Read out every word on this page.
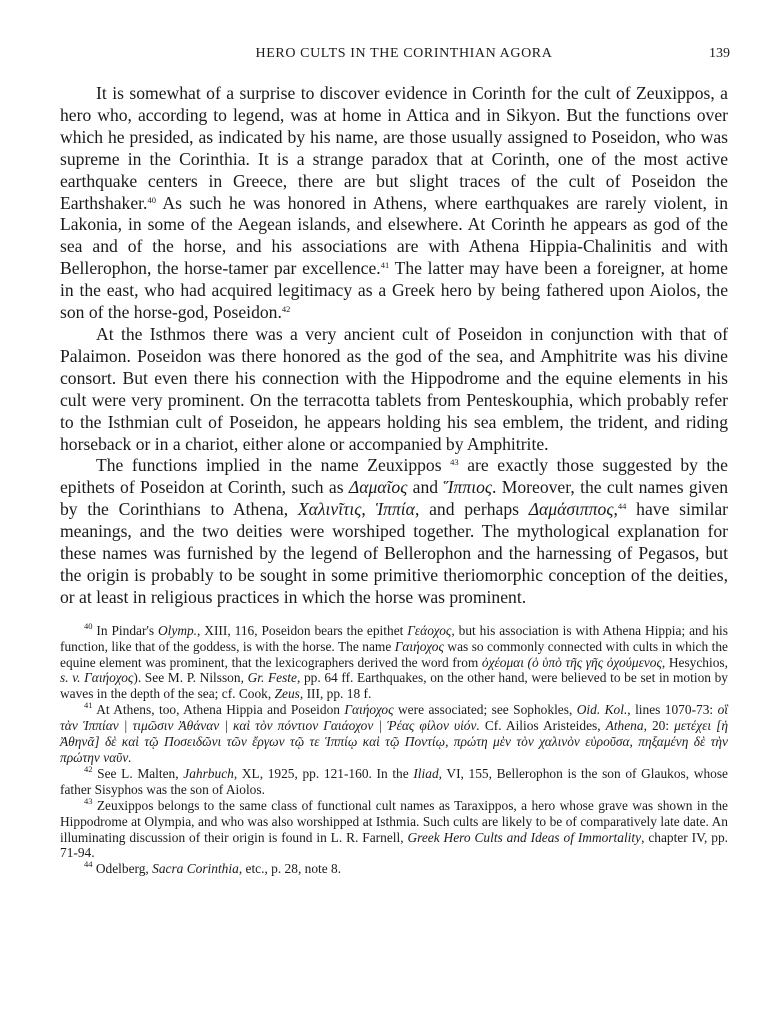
HERO CULTS IN THE CORINTHIAN AGORA	139

It is somewhat of a surprise to discover evidence in Corinth for the cult of Zeuxippos, a hero who, according to legend, was at home in Attica and in Sikyon. But the functions over which he presided, as indicated by his name, are those usually assigned to Poseidon, who was supreme in the Corinthia. It is a strange paradox that at Corinth, one of the most active earthquake centers in Greece, there are but slight traces of the cult of Poseidon the Earthshaker.$^{40}$ As such he was honored in Athens, where earthquakes are rarely violent, in Lakonia, in some of the Aegean islands, and elsewhere. At Corinth he appears as god of the sea and of the horse, and his associations are with Athena Hippia-Chalinitis and with Bellerophon, the horse-tamer par excellence.$^{41}$ The latter may have been a foreigner, at home in the east, who had acquired legitimacy as a Greek hero by being fathered upon Aiolos, the son of the horse-god, Poseidon.$^{42}$

At the Isthmos there was a very ancient cult of Poseidon in conjunction with that of Palaimon. Poseidon was there honored as the god of the sea, and Amphitrite was his divine consort. But even there his connection with the Hippodrome and the equine elements in his cult were very prominent. On the terracotta tablets from Penteskouphia, which probably refer to the Isthmian cult of Poseidon, he appears holding his sea emblem, the trident, and riding horseback or in a chariot, either alone or accompanied by Amphitrite.

The functions implied in the name Zeuxippos $^{43}$ are exactly those suggested by the epithets of Poseidon at Corinth, such as Δαμαῖος and Ἵππιος. Moreover, the cult names given by the Corinthians to Athena, Χαλινῖτις, Ἱππία, and perhaps Δαμάσιππος,$^{44}$ have similar meanings, and the two deities were worshiped together. The mythological explanation for these names was furnished by the legend of Bellerophon and the harnessing of Pegasos, but the origin is probably to be sought in some primitive theriomorphic conception of the deities, or at least in religious practices in which the horse was prominent.

$^{40}$ In Pindar's Olymp., XIII, 116, Poseidon bears the epithet Γεάοχος, but his association is with Athena Hippia; and his function, like that of the goddess, is with the horse. The name Γαιήοχος was so commonly connected with cults in which the equine element was prominent, that the lexicographers derived the word from ὀχέομαι (ὁ ὑπὸ τῆς γῆς ὀχούμενος, Hesychios, s. v. Γαιήοχος). See M. P. Nilsson, Gr. Feste, pp. 64 ff. Earthquakes, on the other hand, were believed to be set in motion by waves in the depth of the sea; cf. Cook, Zeus, III, pp. 18 f.

$^{41}$ At Athens, too, Athena Hippia and Poseidon Γαιήοχος were associated; see Sophokles, Oid. Kol., lines 1070-73: οἳ τὰν Ἱππίαν | τιμῶσιν Ἀθάναν | καὶ τὸν πόντιον Γαιάοχον | Ῥέας φίλον υἱόν. Cf. Ailios Aristeides, Athena, 20: μετέχει [ἡ Ἀθηνᾶ] δὲ καὶ τῷ Ποσειδῶνι τῶν ἔργων τῷ τε Ἱππίῳ καὶ τῷ Ποντίῳ, πρώτη μὲν τὸν χαλινὸν εὑροῦσα, πηξαμένη δὲ τὴν πρώτην ναῦν.

$^{42}$ See L. Malten, Jahrbuch, XL, 1925, pp. 121-160. In the Iliad, VI, 155, Bellerophon is the son of Glaukos, whose father Sisyphos was the son of Aiolos.

$^{43}$ Zeuxippos belongs to the same class of functional cult names as Taraxippos, a hero whose grave was shown in the Hippodrome at Olympia, and who was also worshipped at Isthmia. Such cults are likely to be of comparatively late date. An illuminating discussion of their origin is found in L. R. Farnell, Greek Hero Cults and Ideas of Immortality, chapter IV, pp. 71-94.

$^{44}$ Odelberg, Sacra Corinthia, etc., p. 28, note 8.
